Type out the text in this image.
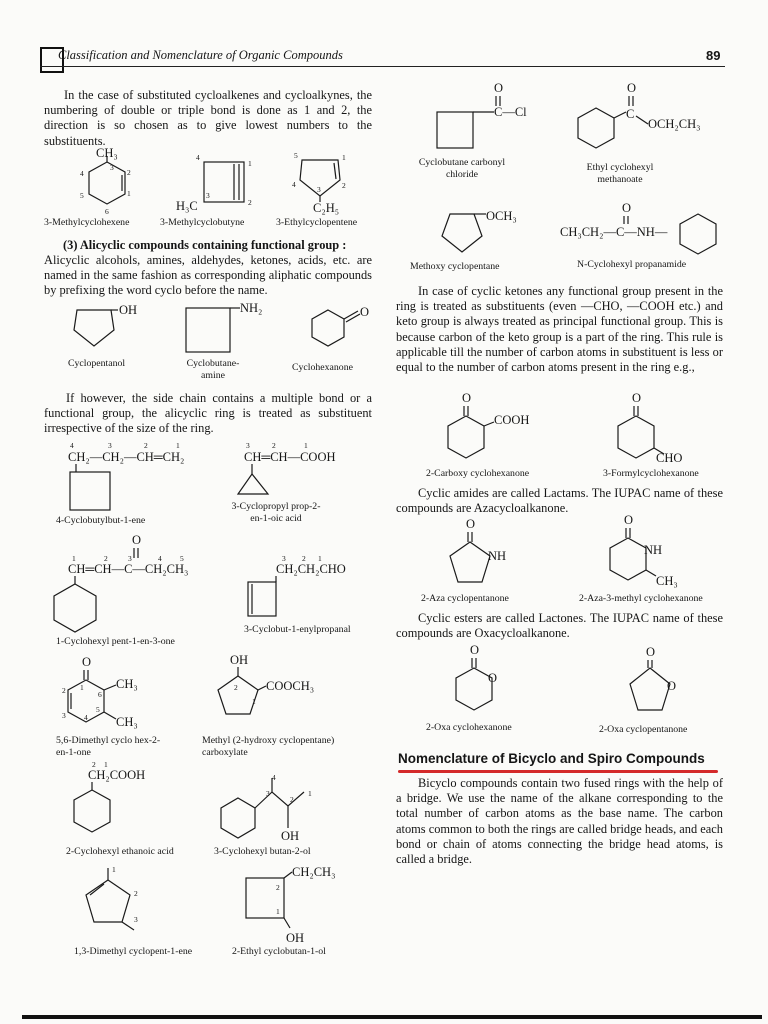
Classification and Nomenclature of Organic Compounds	89
In the case of substituted cycloalkenes and cycloalkynes, the numbering of double or triple bond is done as 1 and 2, the direction is so chosen as to give lowest numbers to the substituents.
3-Methylcyclohexene	3-Methylcyclobutyne	3-Ethylcyclopentene
(3) Alicyclic compounds containing functional group :
Alicyclic alcohols, amines, aldehydes, ketones, acids, etc. are named in the same fashion as corresponding aliphatic compounds by prefixing the word cyclo before the name.
Cyclopentanol	Cyclobutane-amine
Cyclohexanone
If however, the side chain contains a multiple bond or a functional group, the alicyclic ring is treated as substituent irrespective of the size of the ring.
4-Cyclobutylbut-1-ene
3-Cyclopropyl prop-2-en-1-oic acid
1-Cyclohexyl pent-1-en-3-one
3-Cyclobut-1-enylpropanal
5,6-Dimethyl cyclo hex-2-en-1-one
Methyl (2-hydroxy cyclopentane) carboxylate
2-Cyclohexyl ethanoic acid	3-Cyclohexyl butan-2-ol
1,3-Dimethyl cyclopent-1-ene	2-Ethyl cyclobutan-1-ol
Cyclobutane carbonyl chloride
Ethyl cyclohexyl methanoate
Methoxy cyclopentane	N-Cyclohexyl propanamide
In case of cyclic ketones any functional group present in the ring is treated as substituents (even —CHO, —COOH etc.) and keto group is always treated as principal functional group. This is because carbon of the keto group is a part of the ring. This rule is applicable till the number of carbon atoms in substituent is less or equal to the number of carbon atoms present in the ring e.g.,
2-Carboxy cyclohexanone	3-Formylcyclohexanone
Cyclic amides are called Lactams. The IUPAC name of these compounds are Azacycloalkanone.
2-Aza cyclopentanone	2-Aza-3-methyl cyclohexanone
Cyclic esters are called Lactones. The IUPAC name of these compounds are Oxacycloalkanone.
2-Oxa cyclohexanone	2-Oxa cyclopentanone
Nomenclature of Bicyclo and Spiro Compounds
Bicyclo compounds contain two fused rings with the help of a bridge. We use the name of the alkane corresponding to the total number of carbon atoms as the base name. The carbon atoms common to both the rings are called bridge heads, and each bond or chain of atoms connecting the bridge head atoms, is called a bridge.
CH₃
3
2
1
4
5
6	H₃C
4
1
2
3
C₂H₅
5	1
2
3
4
OH	NH₂	O
4	3	2	1
CH₂—CH₂—CH═CH₂
3	2	1
CH═CH—COOH
O
1	2	3	4 5
CH═CH—C—CH₂CH₃
3 2 1
CH₂CH₂CHO
O
CH₃
CH₃
1
6
5
4
3
2
OH
COOCH₃
2
1
2 1
CH₂COOH
OH
4
3
2
1
1
2
3
CH₂CH₃
OH
2
1
O
C—Cl
O
C
OCH₂CH₃
OCH₃
O
CH₃CH₂—C—NH—
O
COOH
O
CHO
O
NH
O
NH
CH₃
O
O
O
O
